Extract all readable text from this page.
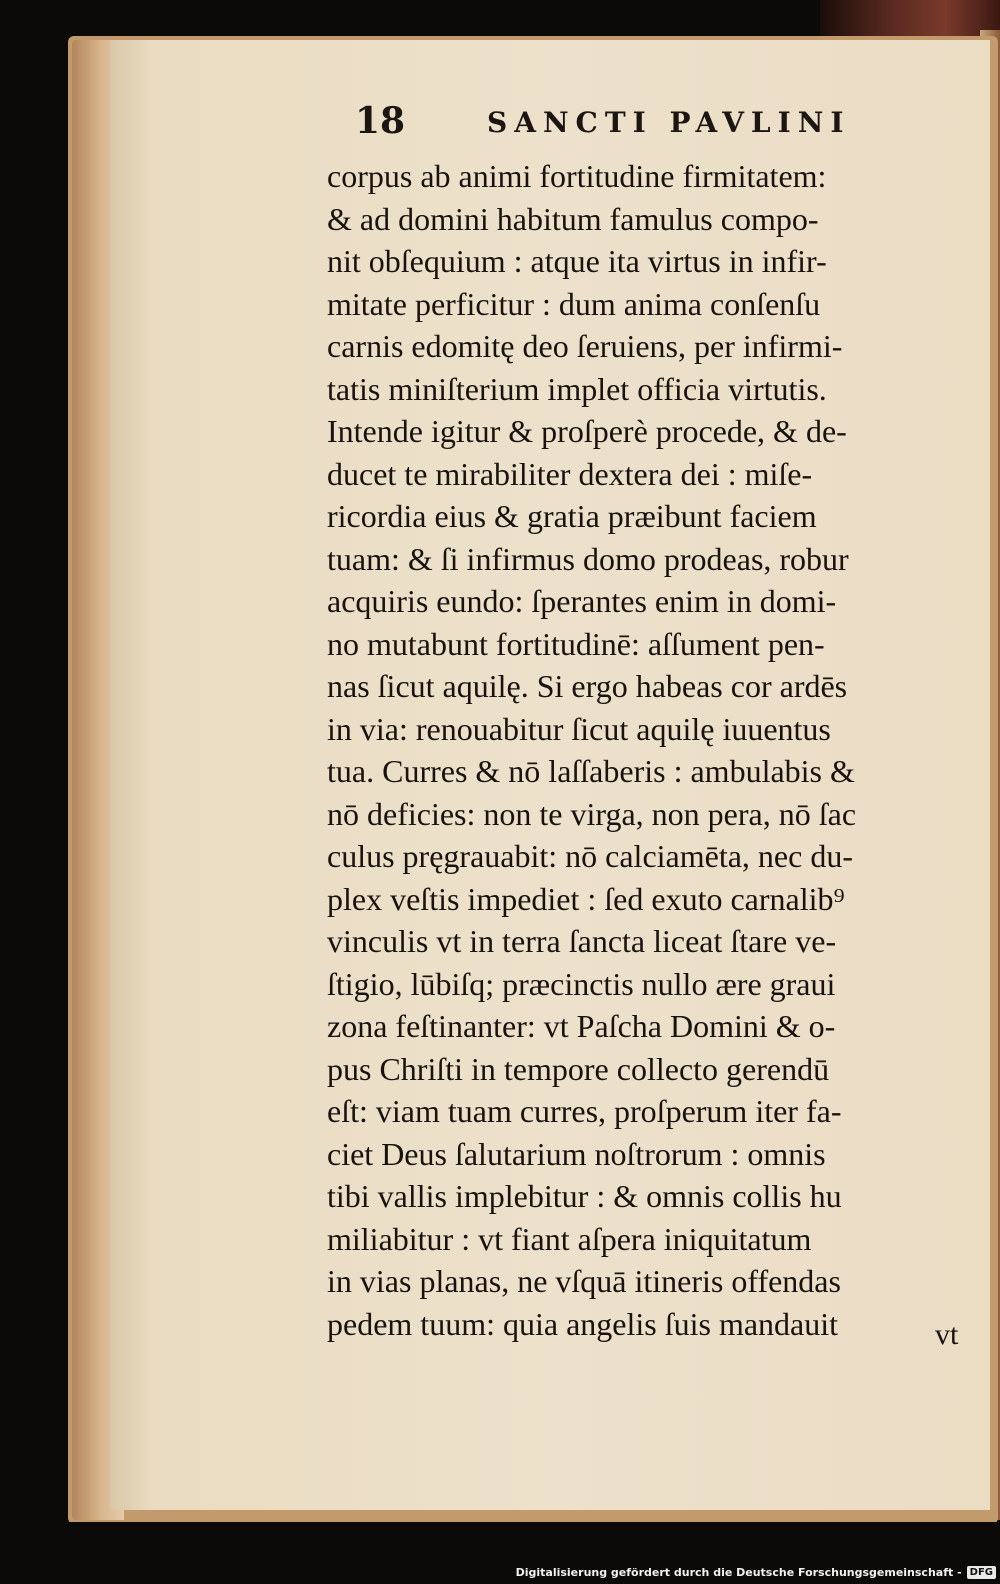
18	SANCTI PAVLINI
corpus ab animi fortitudine firmitatem:
& ad domini habitum famulus compo-
nit obſequium : atque ita virtus in infir-
mitate perficitur : dum anima conſenſu
carnis edomitę deo ſeruiens, per infirmi-
tatis miniſterium implet officia virtutis.
Intende igitur & proſperè procede, & de-
ducet te mirabiliter dextera dei : miſe-
ricordia eius & gratia præibunt faciem
tuam: & ſi infirmus domo prodeas, robur
acquiris eundo: ſperantes enim in domi-
no mutabunt fortitudinē: aſſument pen-
nas ſicut aquilę. Si ergo habeas cor ardēs
in via: renouabitur ſicut aquilę iuuentus
tua. Curres & nō laſſaberis : ambulabis &
nō deficies: non te virga, non pera, nō ſac
culus pręgrauabit: nō calciamēta, nec du-
plex veſtis impediet : ſed exuto carnalib⁹
vinculis vt in terra ſancta liceat ſtare ve-
ſtigio, lūbiſq; præcinctis nullo ære graui
zona feſtinanter: vt Paſcha Domini & o-
pus Chriſti in tempore collecto gerendū
eſt: viam tuam curres, proſperum iter fa-
ciet Deus ſalutarium noſtrorum : omnis
tibi vallis implebitur : & omnis collis hu
miliabitur : vt fiant aſpera iniquitatum
in vias planas, ne vſquā itineris offendas
pedem tuum: quia angelis ſuis mandauit	vt
Digitalisierung gefördert durch die Deutsche Forschungsgemeinschaft - DFG
